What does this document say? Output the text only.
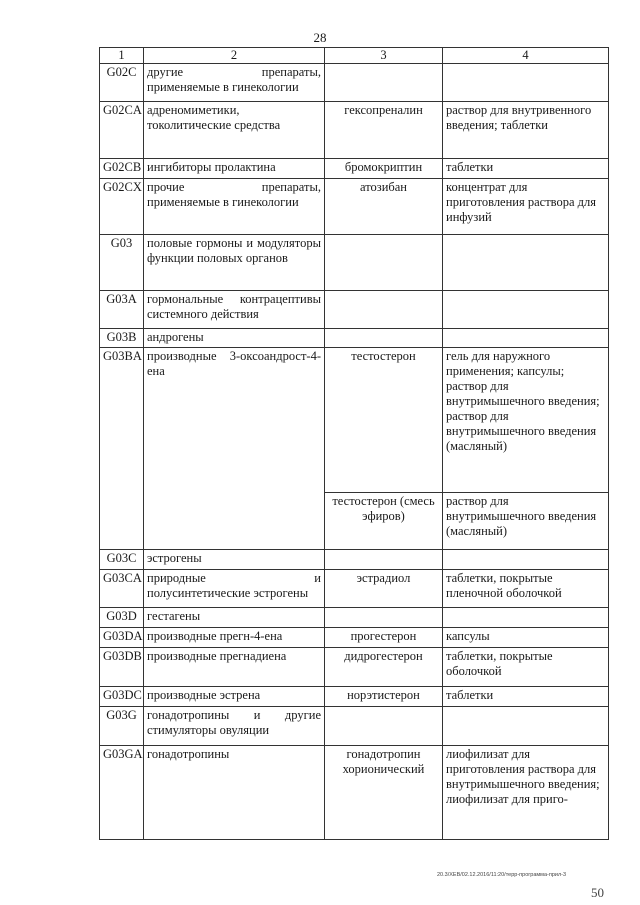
28
1	2	3	4
G02C	другие препараты, применяемые в гинекологии		
G02CA	адреномиметики, токолитические средства	гексопреналин	раствор для внутривенного введения; таблетки
G02CB	ингибиторы пролактина	бромокриптин	таблетки
G02CX	прочие препараты, применяемые в гинекологии	атозибан	концентрат для приготовления раствора для инфузий
G03	половые гормоны и модуляторы функции половых органов		
G03A	гормональные контрацептивы системного действия		
G03B	андрогены		
G03BA	производные 3-оксоандрост-4-ена	тестостерон	гель для наружного применения; капсулы; раствор для внутримышечного введения; раствор для внутримышечного введения (масляный)
		тестостерон (смесь эфиров)	раствор для внутримышечного введения (масляный)
G03C	эстрогены		
G03CA	природные и полусинтетические эстрогены	эстрадиол	таблетки, покрытые пленочной оболочкой
G03D	гестагены		
G03DA	производные прегн-4-ена	прогестерон	капсулы
G03DB	производные прегнадиена	дидрогестерон	таблетки, покрытые оболочкой
G03DC	производные эстрена	норэтистерон	таблетки
G03G	гонадотропины и другие стимуляторы овуляции		
G03GA	гонадотропины	гонадотропин хорионический	лиофилизат для приготовления раствора для внутримышечного введения; лиофилизат для приго-
20.3/XEB/02.12.2016/11:20/терр-программа-прил-3
50
